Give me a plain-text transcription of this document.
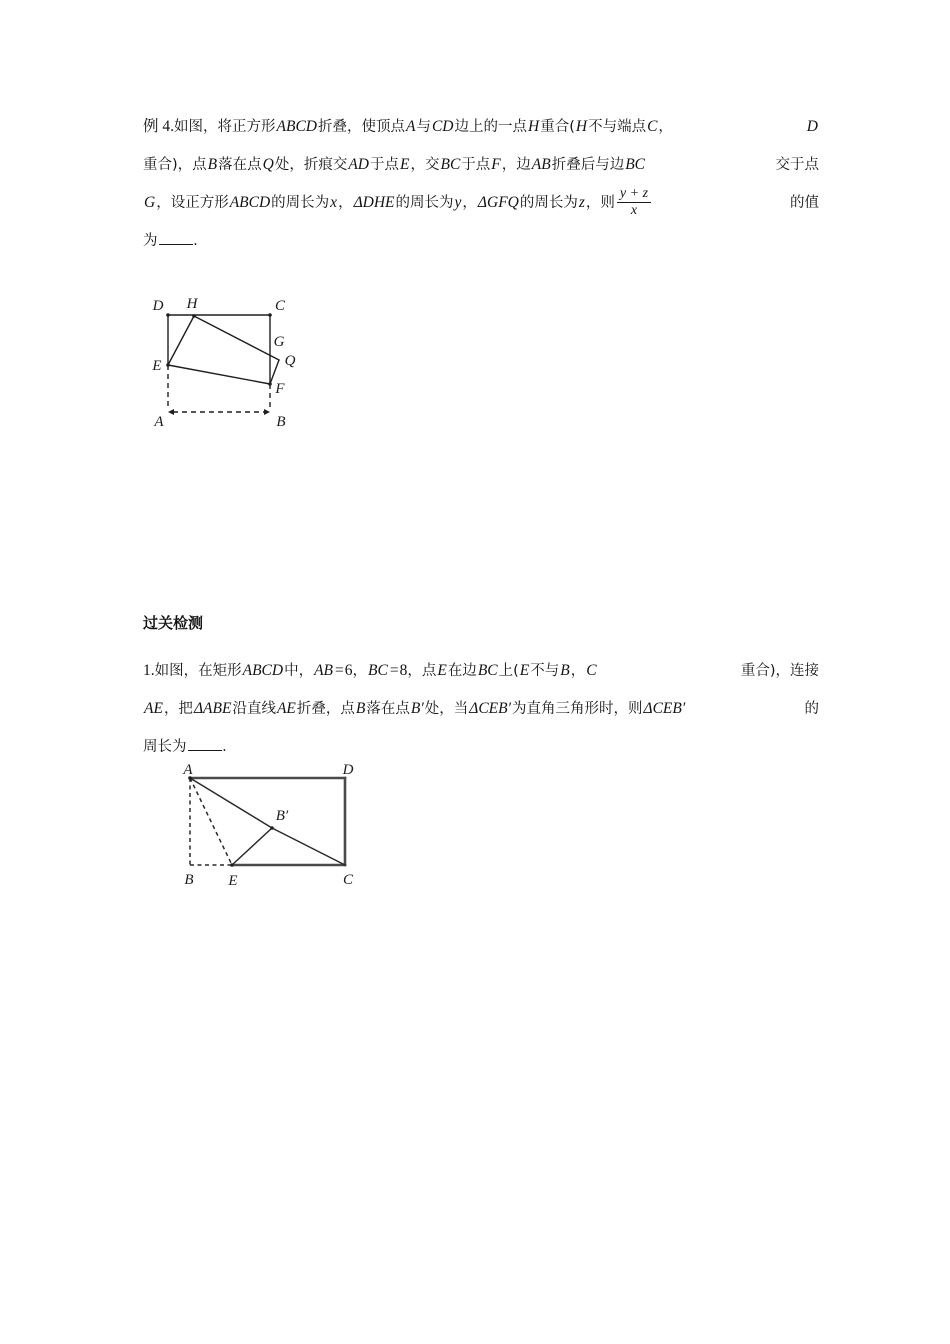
例 4.如图，将正方形ABCD折叠，使顶点A与CD边上的一点H重合(H不与端点C，	D
重合)，点B落在点Q处，折痕交AD于点E，交BC于点F，边AB折叠后与边BC	交于点
G，设正方形ABCD的周长为x，ΔDHE的周长为y，ΔGFQ的周长为z，则 $\frac{y + z}{x}$	的值
为 .
D H	C
E
G
Q
F
A	B
过关检测
1.如图，在矩形ABCD中，AB =6，BC =8，点E在边BC上(E不与B，C	重合)，连接
AE，把ΔABE沿直线AE折叠，点B落在点B′处，当ΔCEB′为直角三角形时，则ΔCEB′	的
周长为 .
A	D
B E	C
B′
